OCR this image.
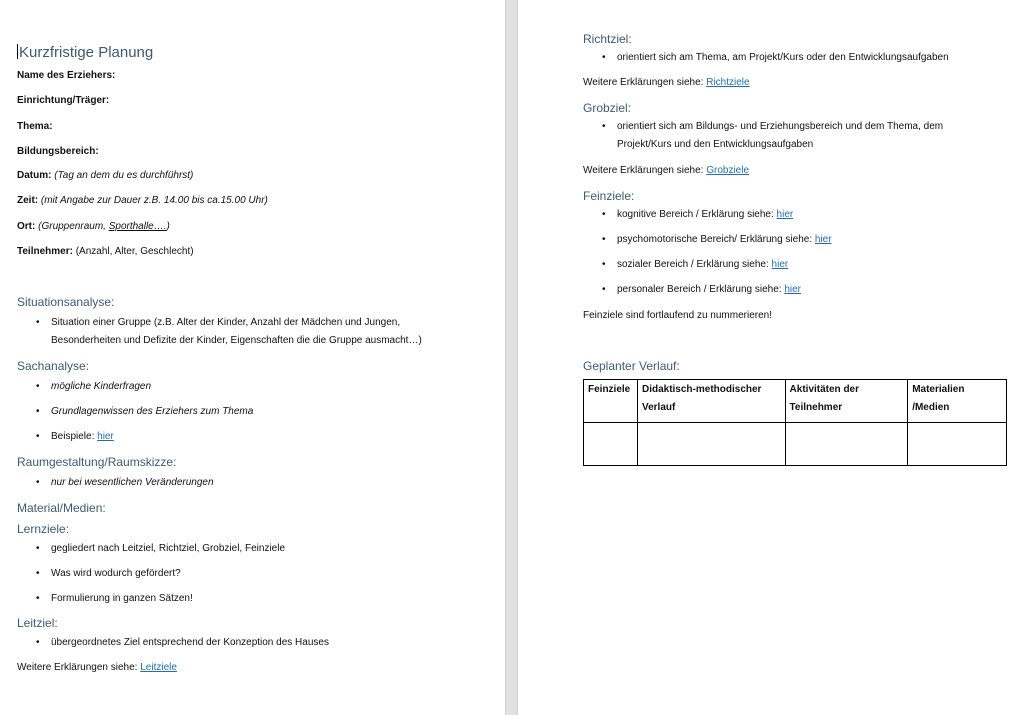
Kurzfristige Planung
Name des Erziehers:
Einrichtung/Träger:
Thema:
Bildungsbereich:
Datum: (Tag an dem du es durchführst)
Zeit: (mit Angabe zur Dauer z.B. 14.00 bis ca.15.00 Uhr)
Ort: (Gruppenraum, Sporthalle….)
Teilnehmer: (Anzahl, Alter, Geschlecht)
Situationsanalyse:
• Situation einer Gruppe (z.B. Alter der Kinder, Anzahl der Mädchen und Jungen, Besonderheiten und Defizite der Kinder, Eigenschaften die die Gruppe ausmacht…)
Sachanalyse:
• mögliche Kinderfragen
• Grundlagenwissen des Erziehers zum Thema
• Beispiele: hier
Raumgestaltung/Raumskizze:
• nur bei wesentlichen Veränderungen
Material/Medien:
Lernziele:
• gegliedert nach Leitziel, Richtziel, Grobziel, Feinziele
• Was wird wodurch gefördert?
• Formulierung in ganzen Sätzen!
Leitziel:
• übergeordnetes Ziel entsprechend der Konzeption des Hauses
Weitere Erklärungen siehe: Leitziele
Richtziel:
• orientiert sich am Thema, am Projekt/Kurs oder den Entwicklungsaufgaben
Weitere Erklärungen siehe: Richtziele
Grobziel:
• orientiert sich am Bildungs- und Erziehungsbereich und dem Thema, dem Projekt/Kurs und den Entwicklungsaufgaben
Weitere Erklärungen siehe: Grobziele
Feinziele:
• kognitive Bereich / Erklärung siehe: hier
• psychomotorische Bereich/ Erklärung siehe: hier
• sozialer Bereich / Erklärung siehe: hier
• personaler Bereich / Erklärung siehe: hier
Feinziele sind fortlaufend zu nummerieren!
Geplanter Verlauf:
Feinziele	Didaktisch-methodischer Verlauf	Aktivitäten der Teilnehmer	Materialien /Medien
